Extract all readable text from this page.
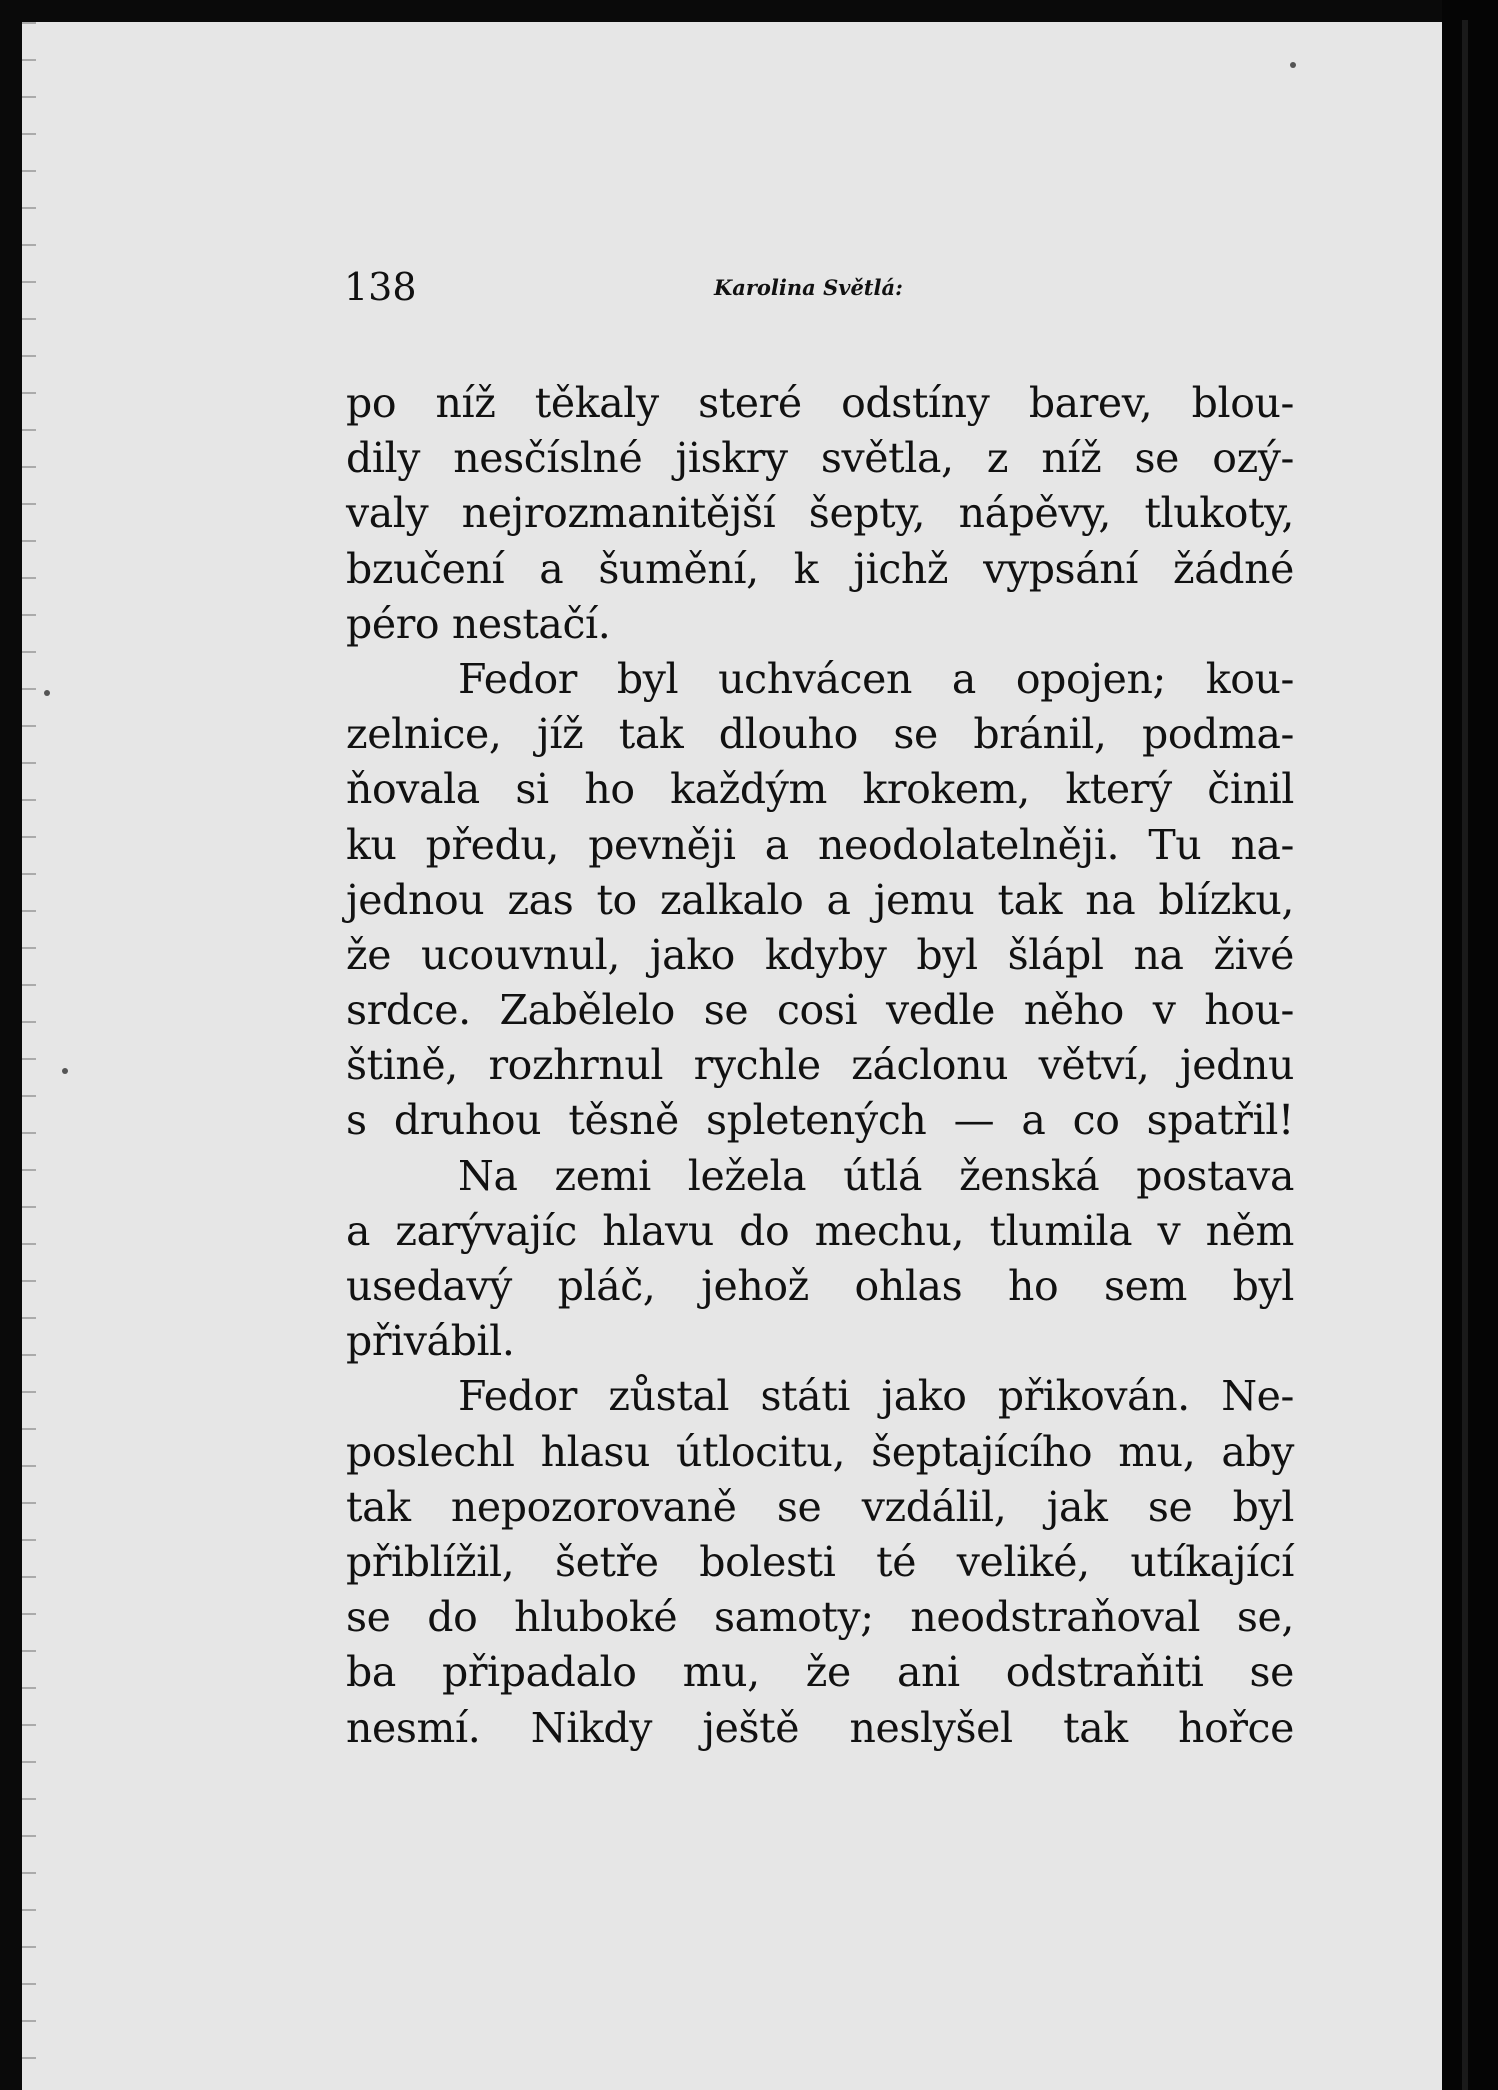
138	Karolina Světlá:
po níž těkaly steré odstíny barev, blou-
dily nesčíslné jiskry světla, z níž se ozý-
valy nejrozmanitější šepty, nápěvy, tlukoty,
bzučení a šumění, k jichž vypsání žádné
péro nestačí.
Fedor byl uchvácen a opojen; kou-
zelnice, jíž tak dlouho se bránil, podma-
ňovala si ho každým krokem, který činil
ku předu, pevněji a neodolatelněji. Tu na-
jednou zas to zalkalo a jemu tak na blízku,
že ucouvnul, jako kdyby byl šlápl na živé
srdce. Zabělelo se cosi vedle něho v hou-
štině, rozhrnul rychle záclonu větví, jednu
s druhou těsně spletených — a co spatřil!
Na zemi ležela útlá ženská postava
a zarývajíc hlavu do mechu, tlumila v něm
usedavý pláč, jehož ohlas ho sem byl
přivábil.
Fedor zůstal státi jako přikován. Ne-
poslechl hlasu útlocitu, šeptajícího mu, aby
tak nepozorovaně se vzdálil, jak se byl
přiblížil, šetře bolesti té veliké, utíkající
se do hluboké samoty; neodstraňoval se,
ba připadalo mu, že ani odstraňiti se
nesmí. Nikdy ještě neslyšel tak hořce
